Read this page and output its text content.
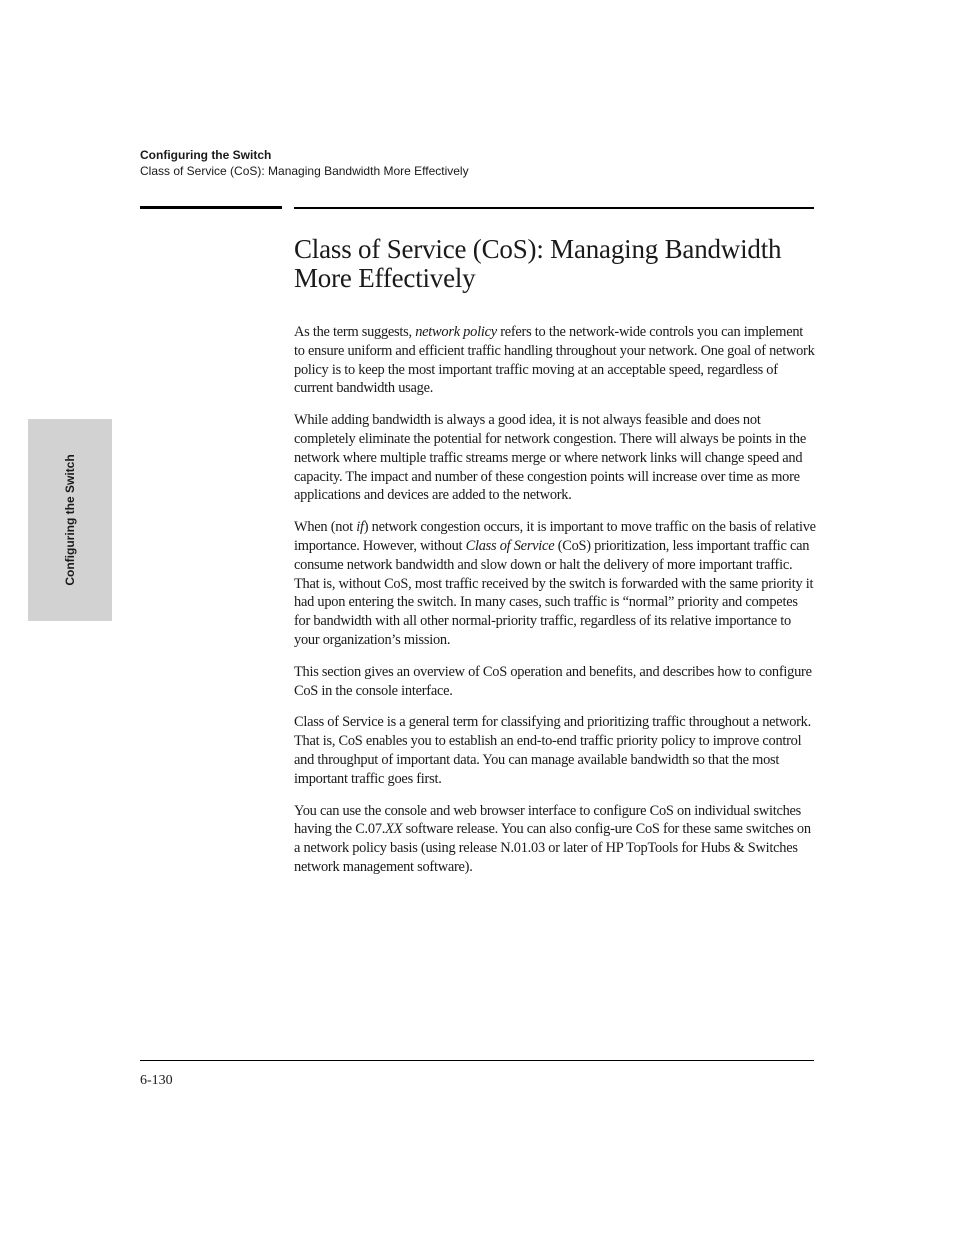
Configuring the Switch
Class of Service (CoS): Managing Bandwidth More Effectively
Configuring the Switch
Class of Service (CoS): Managing Bandwidth More Effectively

As the term suggests, network policy refers to the network-wide controls you can implement to ensure uniform and efficient traffic handling throughout your network. One goal of network policy is to keep the most important traffic moving at an acceptable speed, regardless of current bandwidth usage.

While adding bandwidth is always a good idea, it is not always feasible and does not completely eliminate the potential for network congestion. There will always be points in the network where multiple traffic streams merge or where network links will change speed and capacity. The impact and number of these congestion points will increase over time as more applications and devices are added to the network.

When (not if) network congestion occurs, it is important to move traffic on the basis of relative importance. However, without Class of Service (CoS) prioritization, less important traffic can consume network bandwidth and slow down or halt the delivery of more important traffic. That is, without CoS, most traffic received by the switch is forwarded with the same priority it had upon entering the switch. In many cases, such traffic is “normal” priority and competes for bandwidth with all other normal-priority traffic, regardless of its relative importance to your organization’s mission.

This section gives an overview of CoS operation and benefits, and describes how to configure CoS in the console interface.

Class of Service is a general term for classifying and prioritizing traffic throughout a network. That is, CoS enables you to establish an end-to-end traffic priority policy to improve control and throughput of important data. You can manage available bandwidth so that the most important traffic goes first.

You can use the console and web browser interface to configure CoS on individual switches having the C.07.XX software release. You can also config-ure CoS for these same switches on a network policy basis (using release N.01.03 or later of HP TopTools for Hubs & Switches network management software).

6-130
